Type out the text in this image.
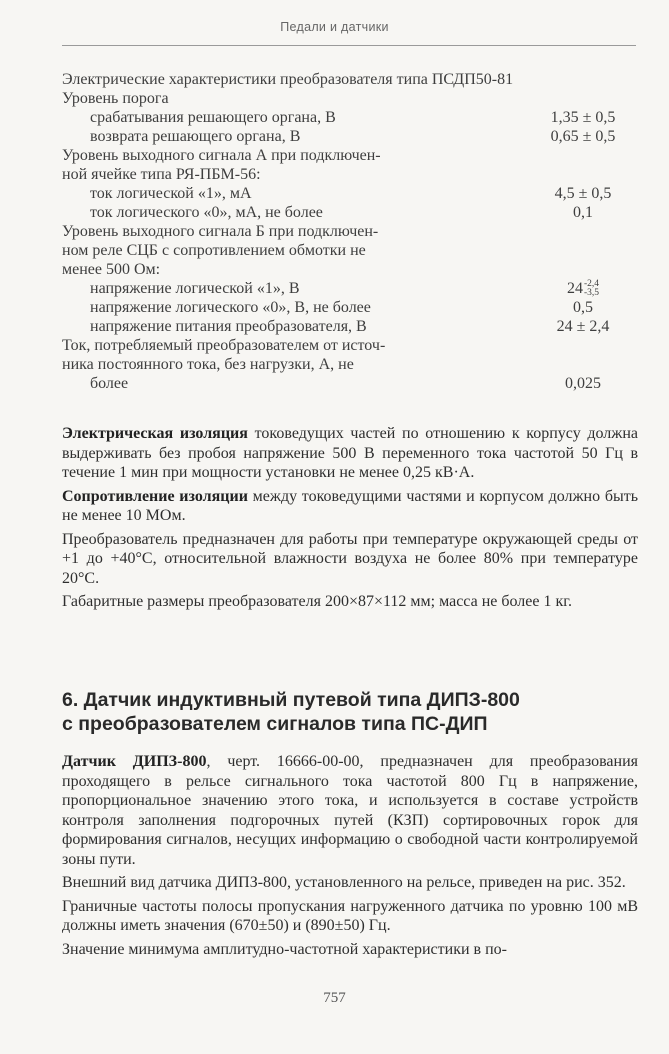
Педали и датчики
Электрические характеристики преобразователя типа ПСДП50-81
Уровень порога
срабатывания решающего органа, В	1,35 ± 0,5
возврата решающего органа, В	0,65 ± 0,5
Уровень выходного сигнала А при подключен-
ной ячейке типа РЯ-ПБМ-56:
ток логической «1», мА	4,5 ± 0,5
ток логического «0», мА, не более	0,1
Уровень выходного сигнала Б при подключен-
ном реле СЦБ с сопротивлением обмотки не
менее 500 Ом:
напряжение логической «1», В	24 -2,4
-3,5
напряжение логического «0», В, не более	0,5
напряжение питания преобразователя, В	24 ± 2,4
Ток, потребляемый преобразователем от источ-
ника постоянного тока, без нагрузки, А, не
более	0,025

Электрическая изоляция токоведущих частей по отношению к корпусу должна выдерживать без пробоя напряжение 500 В переменного тока частотой 50 Гц в течение 1 мин при мощности установки не менее 0,25 кВ·А.

Сопротивление изоляции между токоведущими частями и корпусом должно быть не менее 10 МОм.

Преобразователь предназначен для работы при температуре окружающей среды от +1 до +40°C, относительной влажности воздуха не более 80% при температуре 20°C.

Габаритные размеры преобразователя 200×87×112 мм; масса не более 1 кг.

6. Датчик индуктивный путевой типа ДИПЗ-800
с преобразователем сигналов типа ПС-ДИП

Датчик ДИПЗ-800, черт. 16666-00-00, предназначен для преобразования проходящего в рельсе сигнального тока частотой 800 Гц в напряжение, пропорциональное значению этого тока, и используется в составе устройств контроля заполнения подгорочных путей (КЗП) сортировочных горок для формирования сигналов, несущих информацию о свободной части контролируемой зоны пути.

Внешний вид датчика ДИПЗ-800, установленного на рельсе, приведен на рис. 352.

Граничные частоты полосы пропускания нагруженного датчика по уровню 100 мВ должны иметь значения (670±50) и (890±50) Гц.

Значение минимума амплитудно-частотной характеристики в по-

757
